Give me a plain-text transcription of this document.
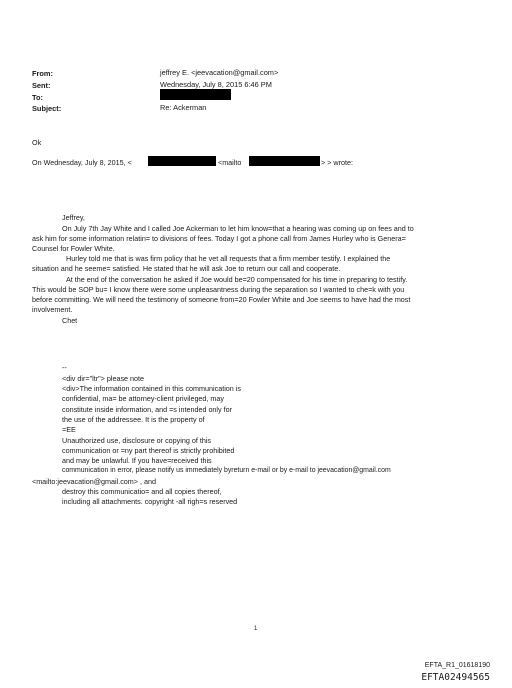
From:	jeffrey E. <jeevacation@gmail.com>
Sent:	Wednesday, July 8, 2015 6:46 PM
To:
Subject:	Re: Ackerman
Ok
On Wednesday, July 8, 2015, <	<mailto	> > wrote:
Jeffrey,
On July 7th Jay White and I called Joe Ackerman to let him know=that a hearing was coming up on fees and to
ask him for some information relatin= to divisions of fees. Today I got a phone call from James Hurley who is Genera=
Counsel for Fowler White.
Hurley told me that is was firm policy that he vet all requests that a firm member testify. I explained the
situation and he seeme= satisfied. He stated that he will ask Joe to return our call and cooperate.
At the end of the conversation he asked if Joe would be=20 compensated for his time in preparing to testify.
This would be SOP bu= I know there were some unpleasantness during the separation so I wanted to che=k with you
before committing. We will need the testimony of someone from=20 Fowler White and Joe seems to have had the most
involvement.
Chet
--
<div dir="ltr"> please note
<div>The information contained in this communication is
confidential, ma= be attorney-client privileged, may
constitute inside information, and =s intended only for
the use of the addressee. It is the property of
=EE
Unauthorized use, disclosure or copying of this
communication or =ny part thereof is strictly prohibited
and may be unlawful. If you have=received this
communication in error, please notify us immediately byreturn e-mail or by e-mail to jeevacation@gmail.com
<mailto:jeevacation@gmail.com> , and
destroy this communicatio= and all copies thereof,
including all attachments. copyright -all righ=s reserved
1
EFTA_R1_01618190
EFTA02494565
